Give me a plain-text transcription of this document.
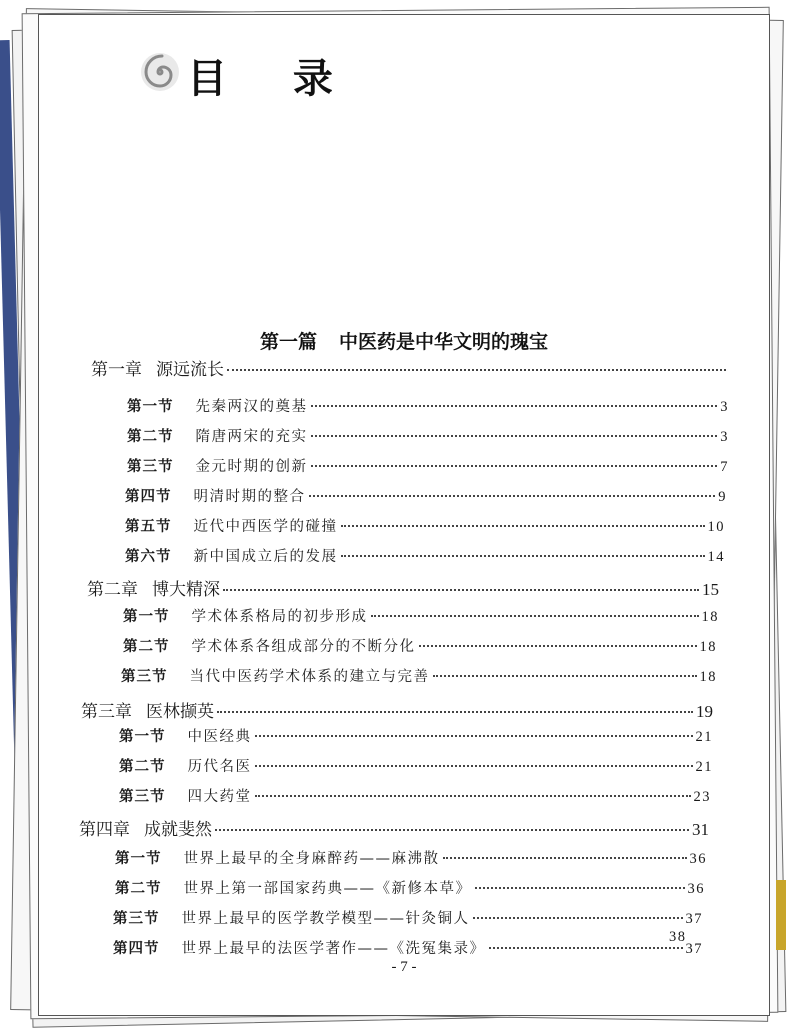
目 录
第一篇 中医药是中华文明的瑰宝
第一章 源远流长
第一节 先秦两汉的奠基	3
第二节 隋唐两宋的充实	3
第三节 金元时期的创新	7
第四节 明清时期的整合	9
第五节 近代中西医学的碰撞	10
第六节 新中国成立后的发展	14
第二章 博大精深	15
第一节 学术体系格局的初步形成	18
第二节 学术体系各组成部分的不断分化	18
第三节 当代中医药学术体系的建立与完善	18
第三章 医林撷英	19
第一节 中医经典	21
第二节 历代名医	21
第三节 四大药堂	23
第四章 成就斐然	31
第一节 世界上最早的全身麻醉药——麻沸散	36
第二节 世界上第一部国家药典——《新修本草》	36
第三节 世界上最早的医学教学模型——针灸铜人	37
第四节 世界上最早的法医学著作——《洗冤集录》	37
38
- 7 -
